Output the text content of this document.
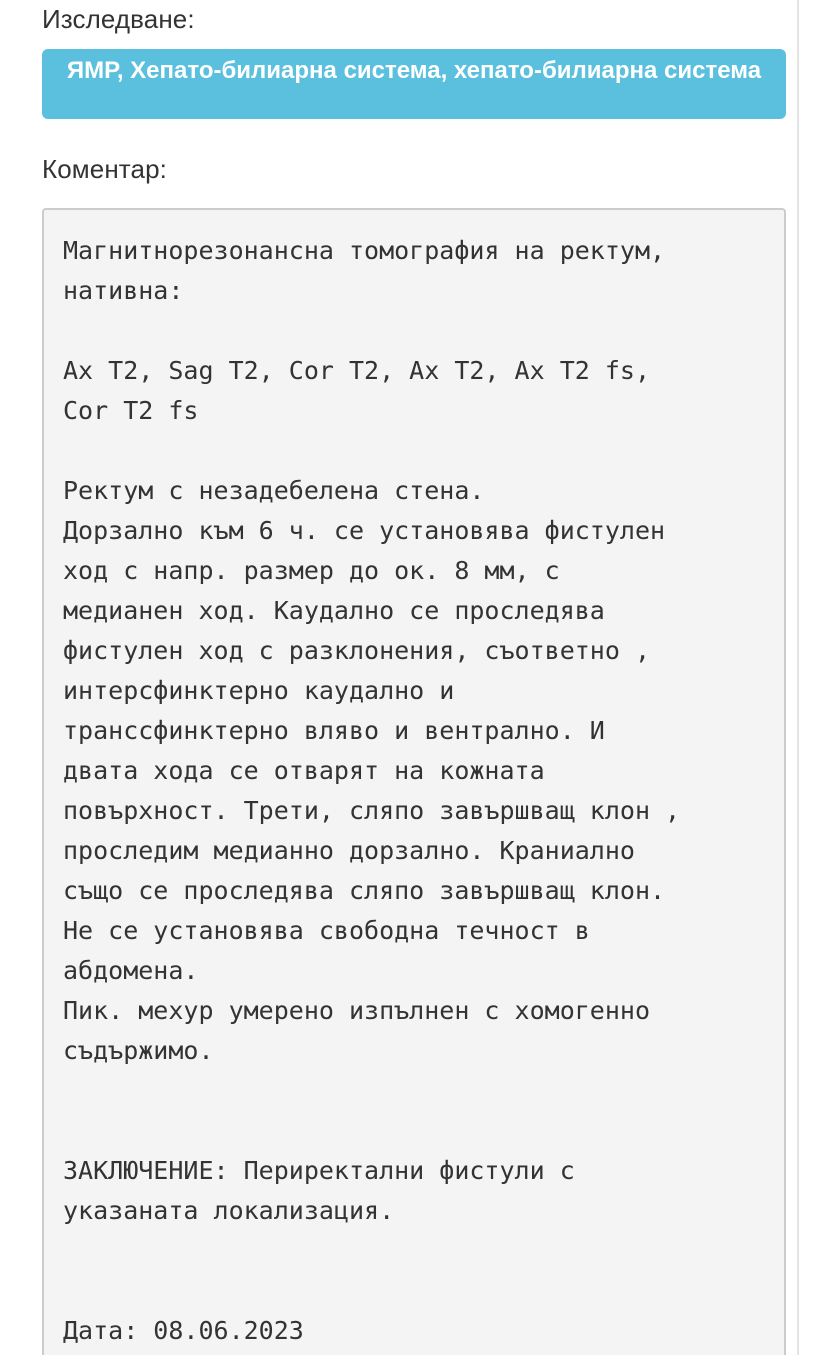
Изследване:
ЯМР, Хепато-билиарна система, хепато-билиарна система
Коментар:
Магнитнорезонансна томография на ректум,
нативна:

Ax T2, Sag T2, Cor T2, Ax T2, Ax T2 fs,
Cor T2 fs

Ректум с незадебелена стена.
Дорзално към 6 ч. се установява фистулен
ход с напр. размер до ок. 8 мм, с
медианен ход. Каудално се проследява
фистулен ход с разклонения, съответно ,
интерсфинктерно каудално и
транссфинктерно вляво и вентрално. И
двата хода се отварят на кожната
повърхност. Трети, сляпо завършващ клон ,
проследим медианно дорзално. Краниално
също се проследява сляпо завършващ клон.
Не се установява свободна течност в
абдомена.
Пик. мехур умерено изпълнен с хомогенно
съдържимо.

ЗАКЛЮЧЕНИЕ: Периректални фистули с
указаната локализация.

Дата: 08.06.2023
